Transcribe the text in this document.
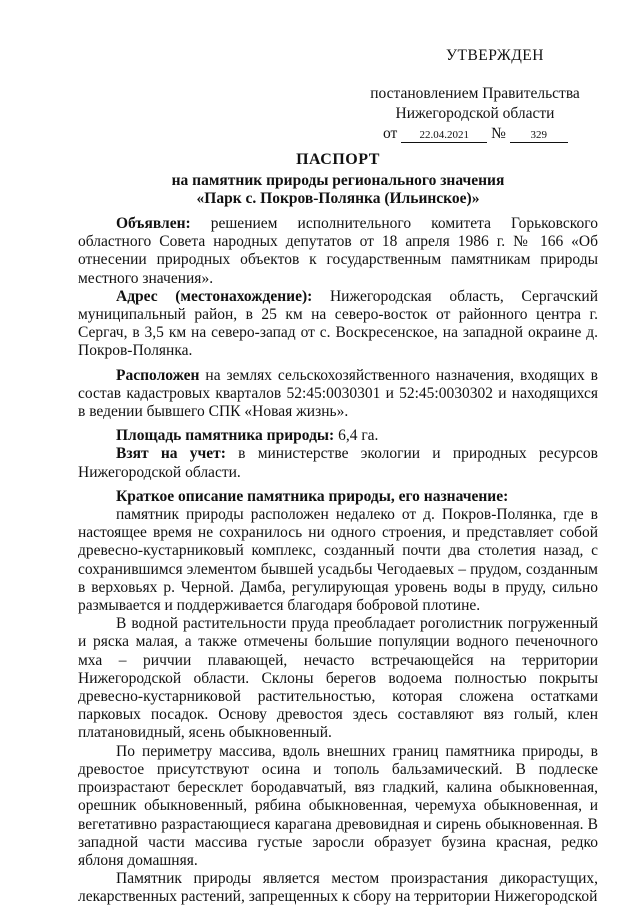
УТВЕРЖДЕН
постановлением Правительства
Нижегородской области
от 22.04.2021 № 329
ПАСПОРТ
на памятник природы регионального значения
«Парк с. Покров-Полянка (Ильинское)»

Объявлен: решением исполнительного комитета Горьковского областного Совета народных депутатов от 18 апреля 1986 г. № 166 «Об отнесении природных объектов к государственным памятникам природы местного значения».

Адрес (местонахождение): Нижегородская область, Сергачский муниципальный район, в 25 км на северо-восток от районного центра г. Сергач, в 3,5 км на северо-запад от с. Воскресенское, на западной окраине д. Покров-Полянка.

Расположен на землях сельскохозяйственного назначения, входящих в состав кадастровых кварталов 52:45:0030301 и 52:45:0030302 и находящихся в ведении бывшего СПК «Новая жизнь».

Площадь памятника природы: 6,4 га.

Взят на учет: в министерстве экологии и природных ресурсов Нижегородской области.

Краткое описание памятника природы, его назначение:

памятник природы расположен недалеко от д. Покров-Полянка, где в настоящее время не сохранилось ни одного строения, и представляет собой древесно-кустарниковый комплекс, созданный почти два столетия назад, с сохранившимся элементом бывшей усадьбы Чегодаевых – прудом, созданным в верховьях р. Черной. Дамба, регулирующая уровень воды в пруду, сильно размывается и поддерживается благодаря бобровой плотине.

В водной растительности пруда преобладает роголистник погруженный и ряска малая, а также отмечены большие популяции водного печеночного мха – риччии плавающей, нечасто встречающейся на территории Нижегородской области. Склоны берегов водоема полностью покрыты древесно-кустарниковой растительностью, которая сложена остатками парковых посадок. Основу древостоя здесь составляют вяз голый, клен платановидный, ясень обыкновенный.

По периметру массива, вдоль внешних границ памятника природы, в древостое присутствуют осина и тополь бальзамический. В подлеске произрастают бересклет бородавчатый, вяз гладкий, калина обыкновенная, орешник обыкновенный, рябина обыкновенная, черемуха обыкновенная, и вегетативно разрастающиеся карагана древовидная и сирень обыкновенная. В западной части массива густые заросли образует бузина красная, редко яблоня домашняя.

Памятник природы является местом произрастания дикорастущих, лекарственных растений, запрещенных к сбору на территории Нижегородской
